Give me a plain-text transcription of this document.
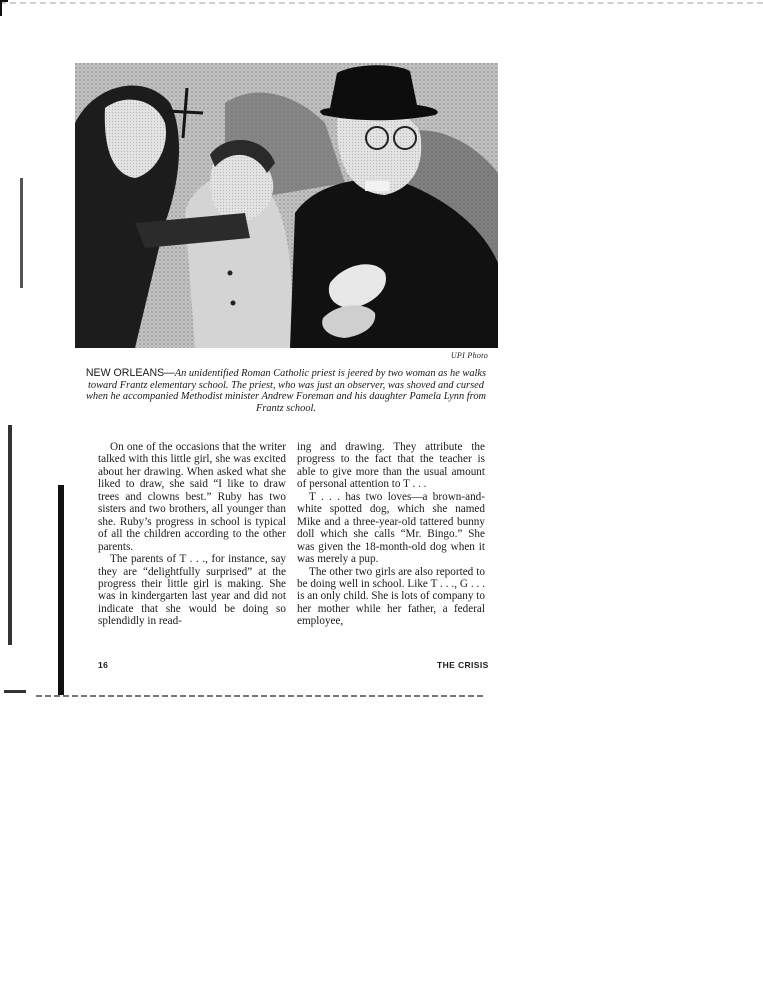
UPI Photo
NEW ORLEANS—An unidentified Roman Catholic priest is jeered by two woman as he walks toward Frantz elementary school. The priest, who was just an observer, was shoved and cursed when he accompanied Methodist minister Andrew Foreman and his daughter Pamela Lynn from Frantz school.

On one of the occasions that the writer talked with this little girl, she was excited about her drawing. When asked what she liked to draw, she said “I like to draw trees and clowns best.” Ruby has two sisters and two brothers, all younger than she. Ruby’s progress in school is typical of all the children according to the other parents.

The parents of T . . ., for instance, say they are “delightfully surprised” at the progress their little girl is making. She was in kindergarten last year and did not indicate that she would be doing so splendidly in read-

ing and drawing. They attribute the progress to the fact that the teacher is able to give more than the usual amount of personal attention to T . . .

T . . . has two loves—a brown-and-white spotted dog, which she named Mike and a three-year-old tattered bunny doll which she calls “Mr. Bingo.” She was given the 18-month-old dog when it was merely a pup.

The other two girls are also reported to be doing well in school. Like T . . ., G . . . is an only child. She is lots of company to her mother while her father, a federal employee,

16	THE CRISIS
